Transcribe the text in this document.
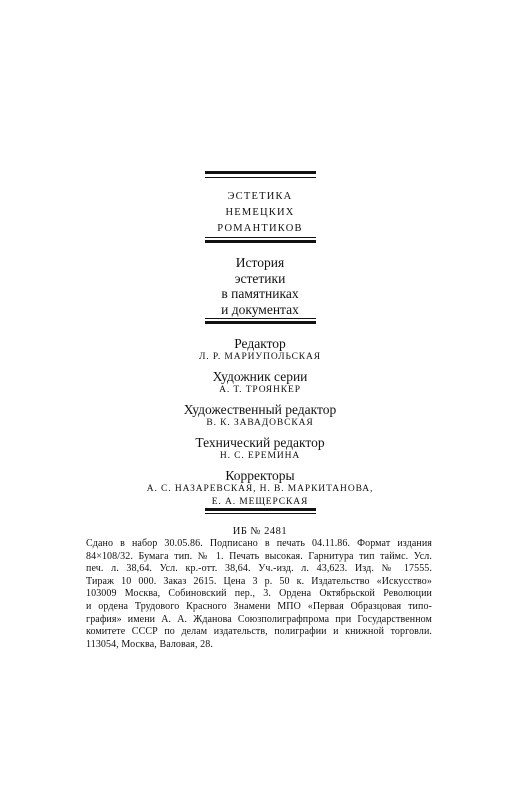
ЭСТЕТИКА
НЕМЕЦКИХ
РОМАНТИКОВ
История
эстетики
в памятниках
и документах
Редактор
Л. Р. МАРИУПОЛЬСКАЯ
Художник серии
А. Т. ТРОЯНКЕР
Художественный редактор
В. К. ЗАВАДОВСКАЯ
Технический редактор
Н. С. ЕРЕМИНА
Корректоры
А. С. НАЗАРЕВСКАЯ, Н. В. МАРКИТАНОВА,
Е. А. МЕЩЕРСКАЯ
ИБ № 2481
Сдано в набор 30.05.86. Подписано в печать 04.11.86. Формат издания
84×108/32. Бумага тип. № 1. Печать высокая. Гарнитура тип таймс. Усл.
печ. л. 38,64. Усл. кр.-отт. 38,64. Уч.-изд. л. 43,623. Изд. № 17555.
Тираж 10 000. Заказ 2615. Цена 3 р. 50 к. Издательство «Искусство»
103009 Москва, Собиновский пер., 3. Ордена Октябрьской Революции
и ордена Трудового Красного Знамени МПО «Первая Образцовая типо-
графия» имени А. А. Жданова Союзполиграфпрома при Государственном
комитете СССР по делам издательств, полиграфии и книжной торговли.
113054, Москва, Валовая, 28.
